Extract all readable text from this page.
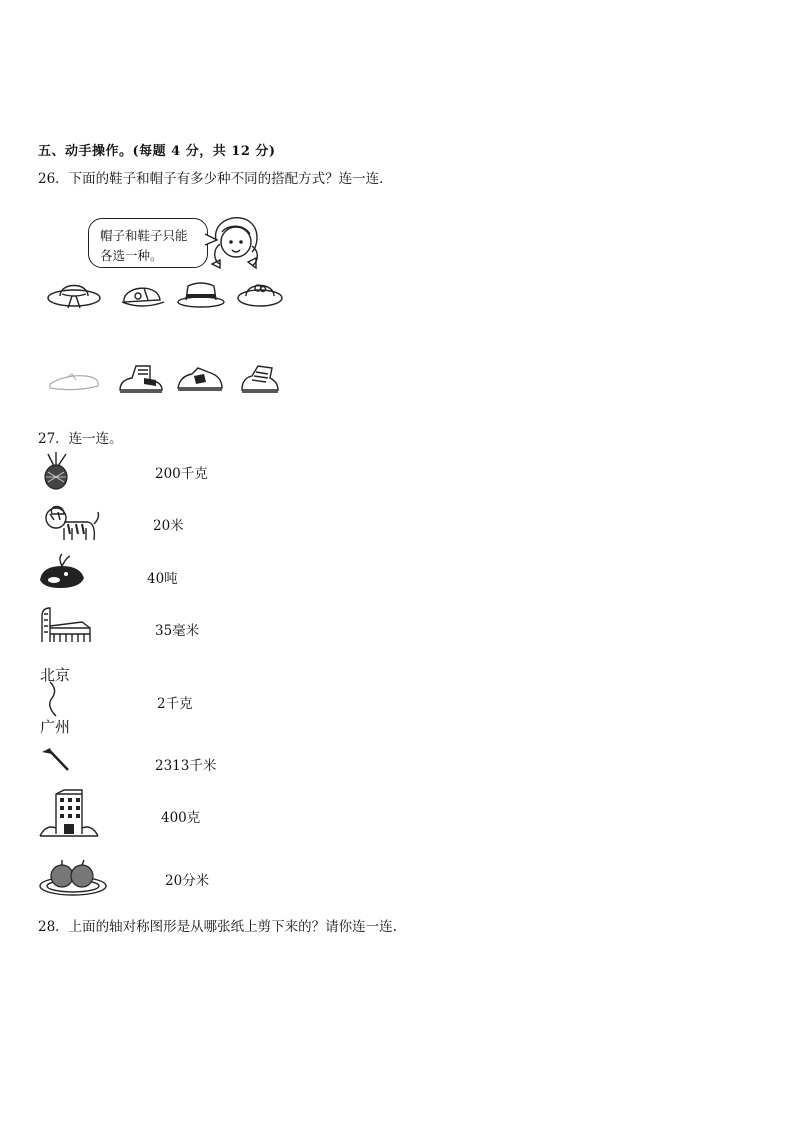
五、动手操作。(每题 4 分，共 12 分)
26．下面的鞋子和帽子有多少种不同的搭配方式？连一连．
帽子和鞋子只能
各选一种。
27．连一连。
200千克
20米
40吨
35毫米
北京
广州
2千克
2313千米
400克
20分米
28．上面的轴对称图形是从哪张纸上剪下来的？请你连一连.
